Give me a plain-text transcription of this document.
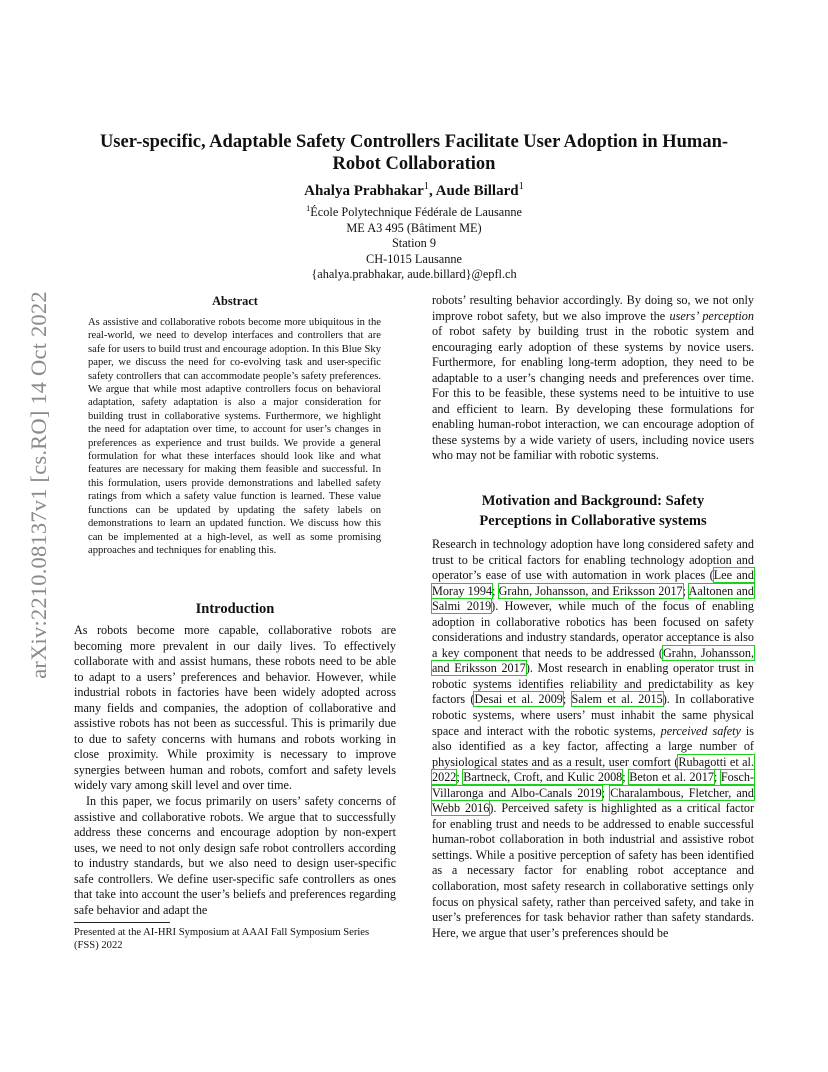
arXiv:2210.08137v1 [cs.RO] 14 Oct 2022
User-specific, Adaptable Safety Controllers Facilitate User Adoption in Human-Robot Collaboration
Ahalya Prabhakar$^1$, Aude Billard$^1$
$^1$École Polytechnique Fédérale de Lausanne
ME A3 495 (Bâtiment ME)
Station 9
CH-1015 Lausanne
{ahalya.prabhakar, aude.billard}@epfl.ch
Abstract
As assistive and collaborative robots become more ubiquitous in the real-world, we need to develop interfaces and controllers that are safe for users to build trust and encourage adoption. In this Blue Sky paper, we discuss the need for co-evolving task and user-specific safety controllers that can accommodate people’s safety preferences. We argue that while most adaptive controllers focus on behavioral adaptation, safety adaptation is also a major consideration for building trust in collaborative systems. Furthermore, we highlight the need for adaptation over time, to account for user’s changes in preferences as experience and trust builds. We provide a general formulation for what these interfaces should look like and what features are necessary for making them feasible and successful. In this formulation, users provide demonstrations and labelled safety ratings from which a safety value function is learned. These value functions can be updated by updating the safety labels on demonstrations to learn an updated function. We discuss how this can be implemented at a high-level, as well as some promising approaches and techniques for enabling this.
Introduction

As robots become more capable, collaborative robots are becoming more prevalent in our daily lives. To effectively collaborate with and assist humans, these robots need to be able to adapt to a users’ preferences and behavior. However, while industrial robots in factories have been widely adopted across many fields and companies, the adoption of collaborative and assistive robots has not been as successful. This is primarily due to due to safety concerns with humans and robots working in close proximity. While proximity is necessary to improve synergies between human and robots, comfort and safety levels widely vary among skill level and over time.

In this paper, we focus primarily on users’ safety concerns of assistive and collaborative robots. We argue that to successfully address these concerns and encourage adoption by non-expert uses, we need to not only design safe robot controllers according to industry standards, but we also need to design user-specific safe controllers. We define user-specific safe controllers as ones that take into account the user’s beliefs and preferences regarding safe behavior and adapt the

Presented at the AI-HRI Symposium at AAAI Fall Symposium Series (FSS) 2022

robots’ resulting behavior accordingly. By doing so, we not only improve robot safety, but we also improve the users’ perception of robot safety by building trust in the robotic system and encouraging early adoption of these systems by novice users. Furthermore, for enabling long-term adoption, they need to be adaptable to a user’s changing needs and preferences over time. For this to be feasible, these systems need to be intuitive to use and efficient to learn. By developing these formulations for enabling human-robot interaction, we can encourage adoption of these systems by a wide variety of users, including novice users who may not be familiar with robotic systems.

Motivation and Background: Safety
Perceptions in Collaborative systems

Research in technology adoption have long considered safety and trust to be critical factors for enabling technology adoption and operator’s ease of use with automation in work places (Lee and Moray 1994; Grahn, Johansson, and Eriksson 2017; Aaltonen and Salmi 2019). However, while much of the focus of enabling adoption in collaborative robotics has been focused on safety considerations and industry standards, operator acceptance is also a key component that needs to be addressed (Grahn, Johansson, and Eriksson 2017). Most research in enabling operator trust in robotic systems identifies reliability and predictability as key factors (Desai et al. 2009; Salem et al. 2015). In collaborative robotic systems, where users’ must inhabit the same physical space and interact with the robotic systems, perceived safety is also identified as a key factor, affecting a large number of physiological states and as a result, user comfort (Rubagotti et al. 2022; Bartneck, Croft, and Kulic 2008; Beton et al. 2017; Fosch-Villaronga and Albo-Canals 2019; Charalambous, Fletcher, and Webb 2016). Perceived safety is highlighted as a critical factor for enabling trust and needs to be addressed to enable successful human-robot collaboration in both industrial and assistive robot settings. While a positive perception of safety has been identified as a necessary factor for enabling robot acceptance and collaboration, most safety research in collaborative settings only focus on physical safety, rather than perceived safety, and take in user’s preferences for task behavior rather than safety standards. Here, we argue that user’s preferences should be
